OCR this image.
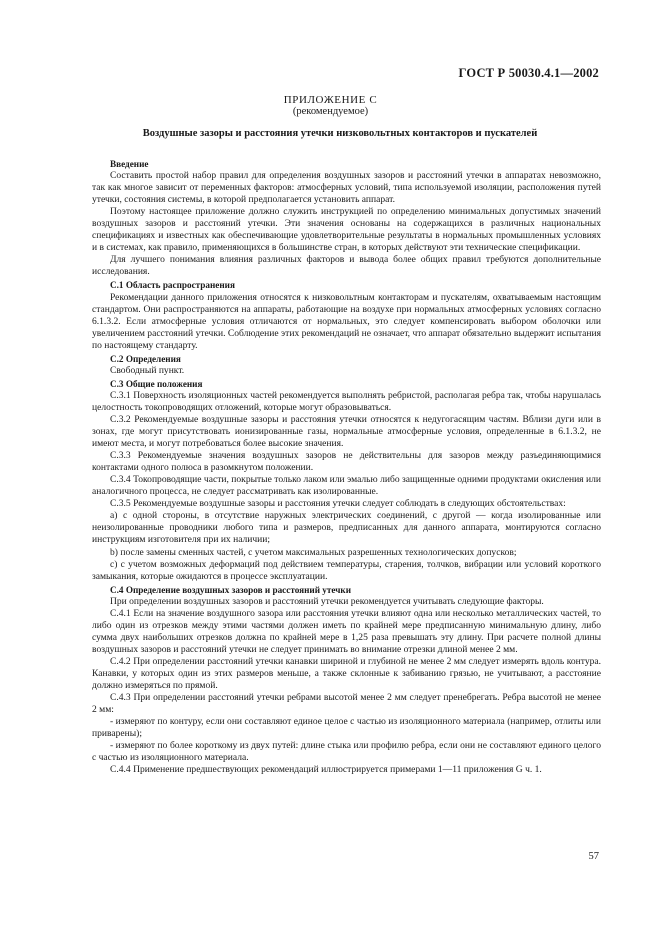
ГОСТ Р 50030.4.1—2002
ПРИЛОЖЕНИЕ С
(рекомендуемое)
Воздушные зазоры и расстояния утечки низковольтных контакторов и пускателей

Введение

Составить простой набор правил для определения воздушных зазоров и расстояний утечки в аппаратах невозможно, так как многое зависит от переменных факторов: атмосферных условий, типа используемой изоляции, расположения путей утечки, состояния системы, в которой предполагается установить аппарат.

Поэтому настоящее приложение должно служить инструкцией по определению минимальных допустимых значений воздушных зазоров и расстояний утечки. Эти значения основаны на содержащихся в различных национальных спецификациях и известных как обеспечивающие удовлетворительные результаты в нормальных промышленных условиях и в системах, как правило, применяющихся в большинстве стран, в которых действуют эти технические спецификации.

Для лучшего понимания влияния различных факторов и вывода более общих правил требуются дополнительные исследования.

С.1 Область распространения

Рекомендации данного приложения относятся к низковольтным контакторам и пускателям, охватываемым настоящим стандартом. Они распространяются на аппараты, работающие на воздухе при нормальных атмосферных условиях согласно 6.1.3.2. Если атмосферные условия отличаются от нормальных, это следует компенсировать выбором оболочки или увеличением расстояний утечки. Соблюдение этих рекомендаций не означает, что аппарат обязательно выдержит испытания по настоящему стандарту.

С.2 Определения

Свободный пункт.

С.3 Общие положения

С.3.1 Поверхность изоляционных частей рекомендуется выполнять ребристой, располагая ребра так, чтобы нарушалась целостность токопроводящих отложений, которые могут образовываться.

С.3.2 Рекомендуемые воздушные зазоры и расстояния утечки относятся к недугогасящим частям. Вблизи дуги или в зонах, где могут присутствовать ионизированные газы, нормальные атмосферные условия, определенные в 6.1.3.2, не имеют места, и могут потребоваться более высокие значения.

С.3.3 Рекомендуемые значения воздушных зазоров не действительны для зазоров между разъединяющимися контактами одного полюса в разомкнутом положении.

С.3.4 Токопроводящие части, покрытые только лаком или эмалью либо защищенные одними продуктами окисления или аналогичного процесса, не следует рассматривать как изолированные.

С.3.5 Рекомендуемые воздушные зазоры и расстояния утечки следует соблюдать в следующих обстоятельствах:

а) с одной стороны, в отсутствие наружных электрических соединений, с другой — когда изолированные или неизолированные проводники любого типа и размеров, предписанных для данного аппарата, монтируются согласно инструкциям изготовителя при их наличии;

b) после замены сменных частей, с учетом максимальных разрешенных технологических допусков;

с) с учетом возможных деформаций под действием температуры, старения, толчков, вибрации или условий короткого замыкания, которые ожидаются в процессе эксплуатации.

С.4 Определение воздушных зазоров и расстояний утечки

При определении воздушных зазоров и расстояний утечки рекомендуется учитывать следующие факторы.

С.4.1 Если на значение воздушного зазора или расстояния утечки влияют одна или несколько металлических частей, то либо один из отрезков между этими частями должен иметь по крайней мере предписанную минимальную длину, либо сумма двух наибольших отрезков должна по крайней мере в 1,25 раза превышать эту длину. При расчете полной длины воздушных зазоров и расстояний утечки не следует принимать во внимание отрезки длиной менее 2 мм.

С.4.2 При определении расстояний утечки канавки шириной и глубиной не менее 2 мм следует измерять вдоль контура. Канавки, у которых один из этих размеров меньше, а также склонные к забиванию грязью, не учитывают, а расстояние должно измеряться по прямой.

С.4.3 При определении расстояний утечки ребрами высотой менее 2 мм следует пренебрегать. Ребра высотой не менее 2 мм:

- измеряют по контуру, если они составляют единое целое с частью из изоляционного материала (например, отлиты или приварены);

- измеряют по более короткому из двух путей: длине стыка или профилю ребра, если они не составляют единого целого с частью из изоляционного материала.

С.4.4 Применение предшествующих рекомендаций иллюстрируется примерами 1—11 приложения G ч. 1.

57
